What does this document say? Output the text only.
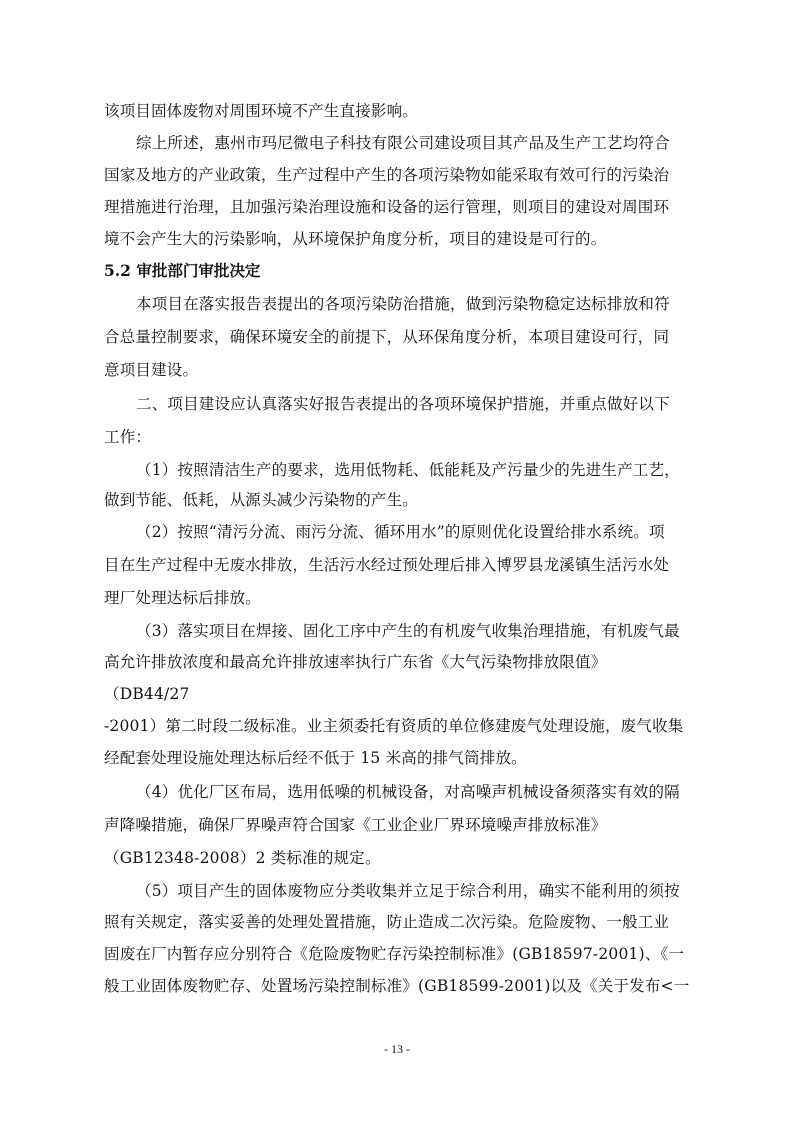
该项目固体废物对周围环境不产生直接影响。
综上所述，惠州市玛尼微电子科技有限公司建设项目其产品及生产工艺均符合
国家及地方的产业政策，生产过程中产生的各项污染物如能采取有效可行的污染治
理措施进行治理，且加强污染治理设施和设备的运行管理，则项目的建设对周围环
境不会产生大的污染影响，从环境保护角度分析，项目的建设是可行的。
5.2 审批部门审批决定
本项目在落实报告表提出的各项污染防治措施，做到污染物稳定达标排放和符
合总量控制要求，确保环境安全的前提下，从环保角度分析，本项目建设可行，同
意项目建设。
二、项目建设应认真落实好报告表提出的各项环境保护措施，并重点做好以下
工作：
（1）按照清洁生产的要求，选用低物耗、低能耗及产污量少的先进生产工艺，
做到节能、低耗，从源头减少污染物的产生。
（2）按照“清污分流、雨污分流、循环用水”的原则优化设置给排水系统。项
目在生产过程中无废水排放，生活污水经过预处理后排入博罗县龙溪镇生活污水处
理厂处理达标后排放。
（3）落实项目在焊接、固化工序中产生的有机废气收集治理措施，有机废气最
高允许排放浓度和最高允许排放速率执行广东省《大气污染物排放限值》
（DB44/27
-2001）第二时段二级标准。业主须委托有资质的单位修建废气处理设施，废气收集
经配套处理设施处理达标后经不低于 15 米高的排气筒排放。
（4）优化厂区布局，选用低噪的机械设备，对高噪声机械设备须落实有效的隔
声降噪措施，确保厂界噪声符合国家《工业企业厂界环境噪声排放标准》
（GB12348-2008）2 类标准的规定。
（5）项目产生的固体废物应分类收集并立足于综合利用，确实不能利用的须按
照有关规定，落实妥善的处理处置措施，防止造成二次污染。危险废物、一般工业
固废在厂内暂存应分别符合《危险废物贮存污染控制标准》(GB18597-2001)、《一
般工业固体废物贮存、处置场污染控制标准》(GB18599-2001)以及《关于发布<一
- 13 -
